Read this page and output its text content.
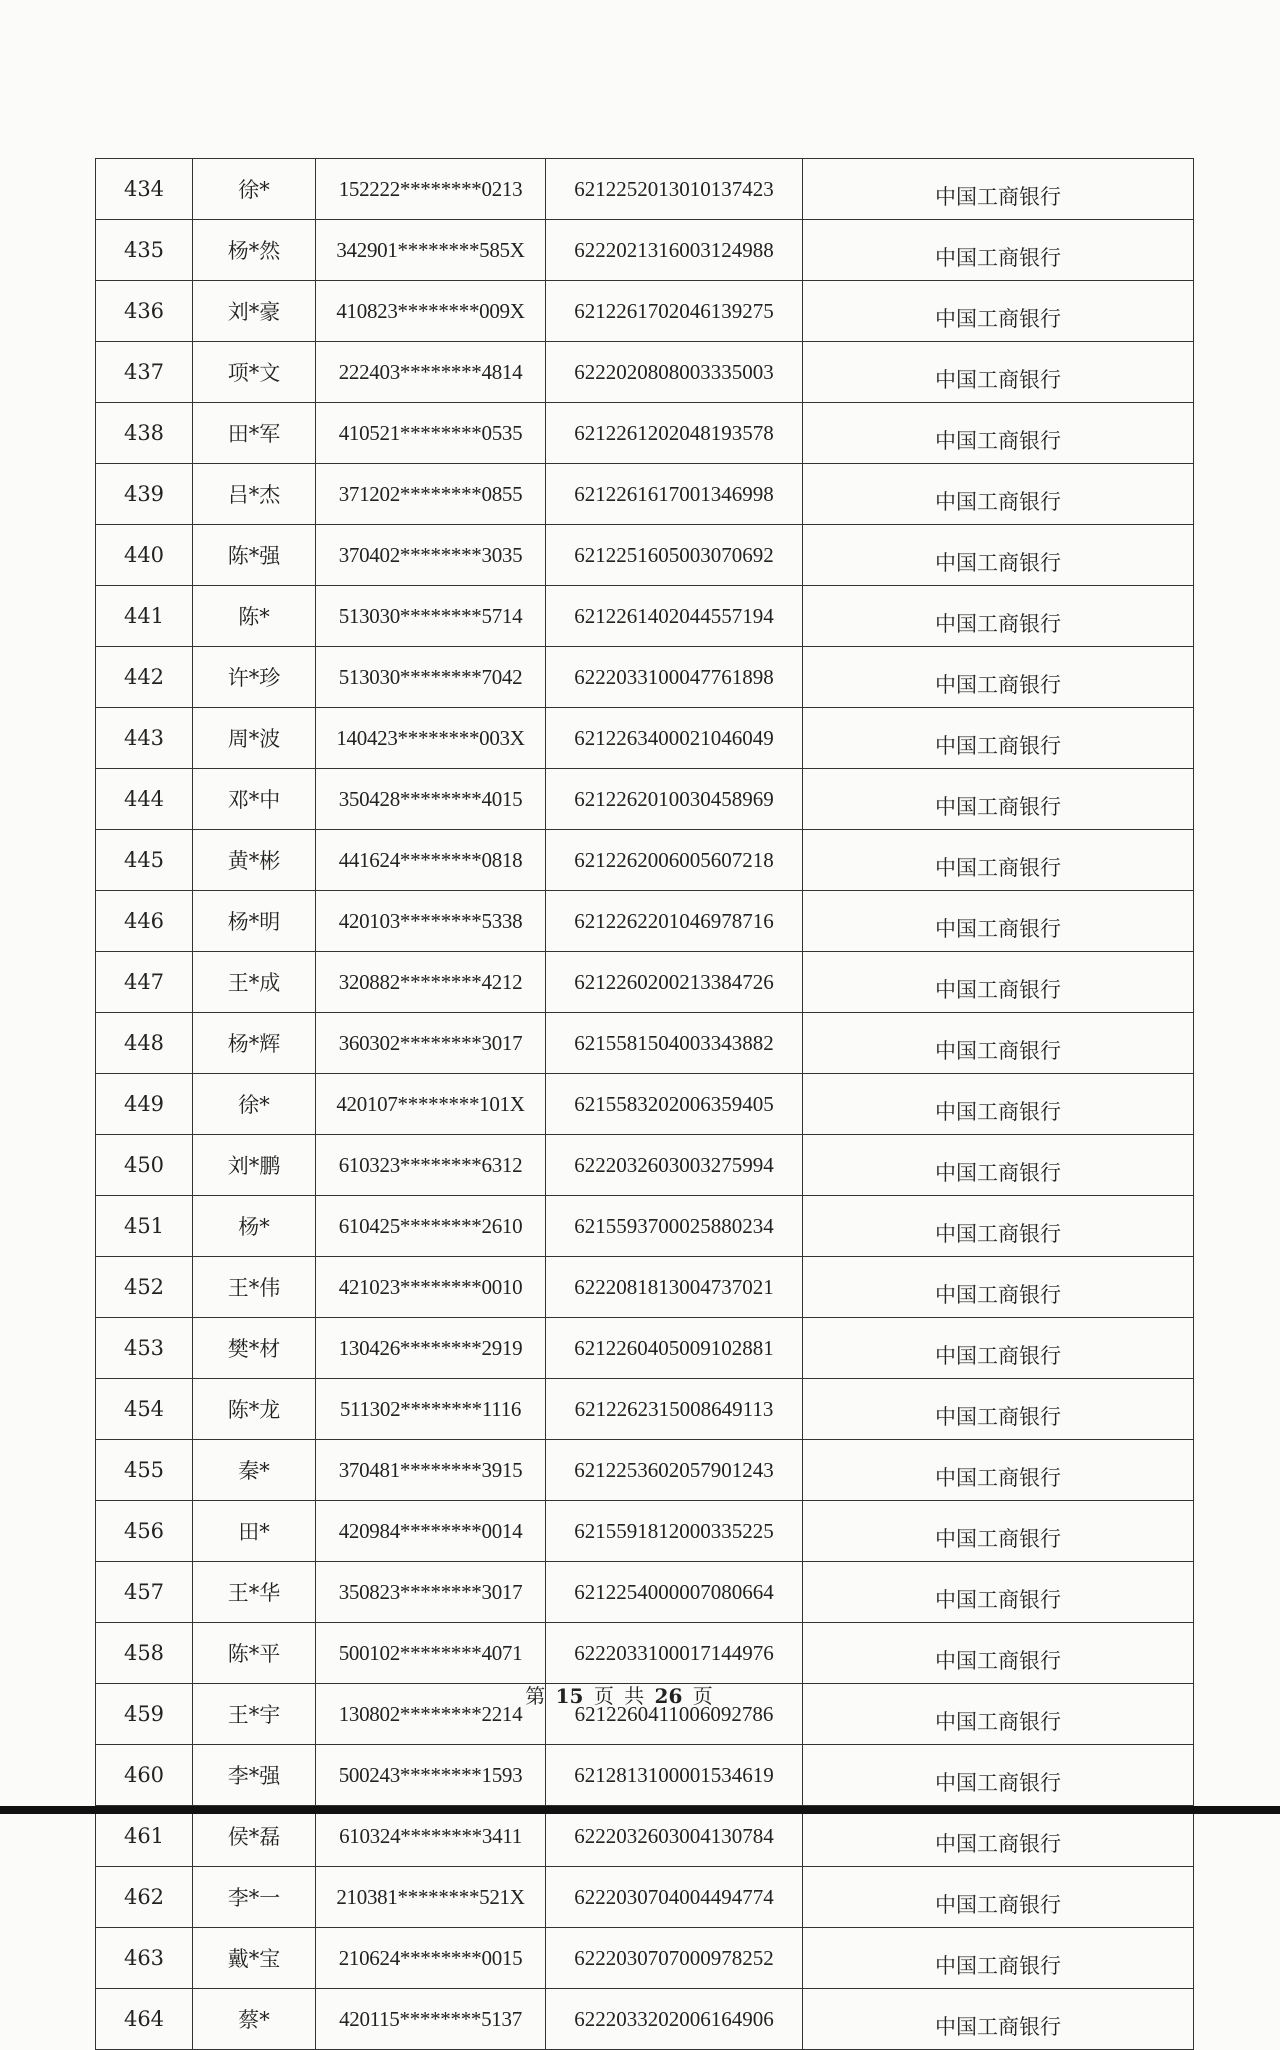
434	徐*	152222********0213	6212252013010137423	中国工商银行
435	杨*然	342901********585X	6222021316003124988	中国工商银行
436	刘*豪	410823********009X	6212261702046139275	中国工商银行
437	项*文	222403********4814	6222020808003335003	中国工商银行
438	田*军	410521********0535	6212261202048193578	中国工商银行
439	吕*杰	371202********0855	6212261617001346998	中国工商银行
440	陈*强	370402********3035	6212251605003070692	中国工商银行
441	陈*	513030********5714	6212261402044557194	中国工商银行
442	许*珍	513030********7042	6222033100047761898	中国工商银行
443	周*波	140423********003X	6212263400021046049	中国工商银行
444	邓*中	350428********4015	6212262010030458969	中国工商银行
445	黄*彬	441624********0818	6212262006005607218	中国工商银行
446	杨*明	420103********5338	6212262201046978716	中国工商银行
447	王*成	320882********4212	6212260200213384726	中国工商银行
448	杨*辉	360302********3017	6215581504003343882	中国工商银行
449	徐*	420107********101X	6215583202006359405	中国工商银行
450	刘*鹏	610323********6312	6222032603003275994	中国工商银行
451	杨*	610425********2610	6215593700025880234	中国工商银行
452	王*伟	421023********0010	6222081813004737021	中国工商银行
453	樊*材	130426********2919	6212260405009102881	中国工商银行
454	陈*龙	511302********1116	6212262315008649113	中国工商银行
455	秦*	370481********3915	6212253602057901243	中国工商银行
456	田*	420984********0014	6215591812000335225	中国工商银行
457	王*华	350823********3017	6212254000007080664	中国工商银行
458	陈*平	500102********4071	6222033100017144976	中国工商银行
459	王*宇	130802********2214	6212260411006092786	中国工商银行
460	李*强	500243********1593	6212813100001534619	中国工商银行
461	侯*磊	610324********3411	6222032603004130784	中国工商银行
462	李*一	210381********521X	6222030704004494774	中国工商银行
463	戴*宝	210624********0015	6222030707000978252	中国工商银行
464	蔡*	420115********5137	6222033202006164906	中国工商银行
第 15 页 共 26 页
